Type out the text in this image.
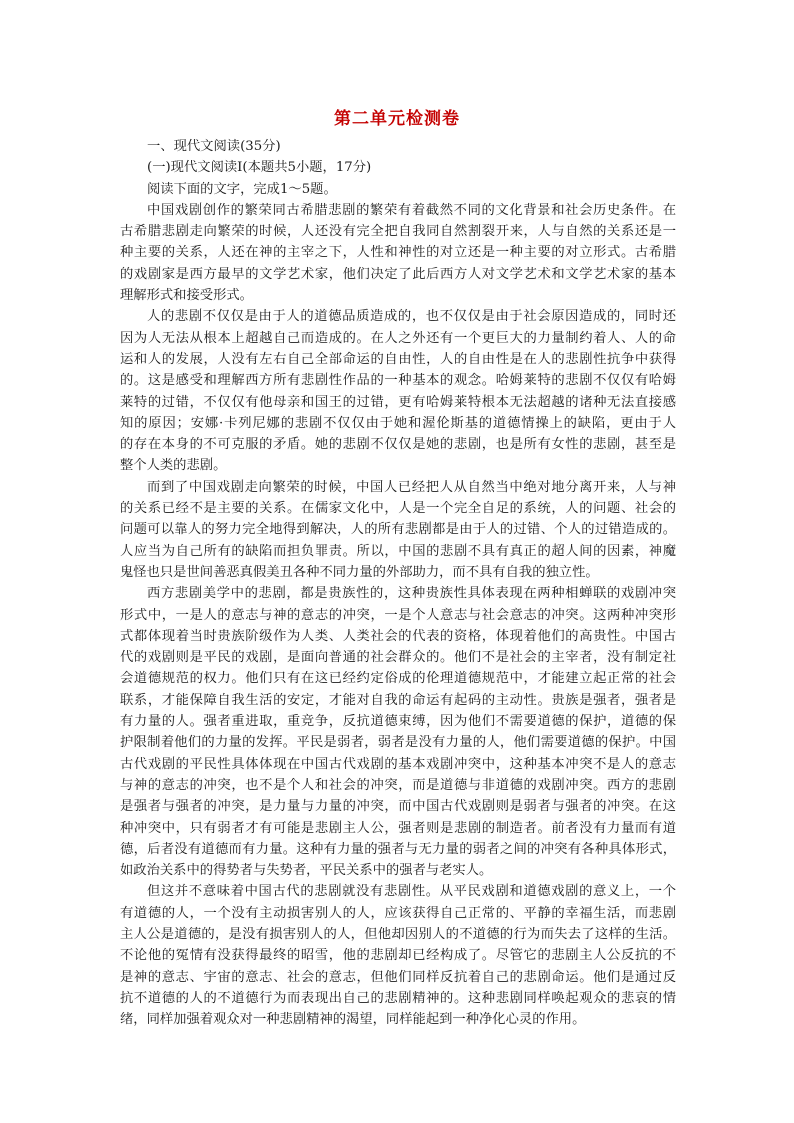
第二单元检测卷
一、现代文阅读(35分)
(一)现代文阅读Ⅰ(本题共5小题，17分)
阅读下面的文字，完成1～5题。
中国戏剧创作的繁荣同古希腊悲剧的繁荣有着截然不同的文化背景和社会历史条件。在
古希腊悲剧走向繁荣的时候，人还没有完全把自我同自然割裂开来，人与自然的关系还是一
种主要的关系，人还在神的主宰之下，人性和神性的对立还是一种主要的对立形式。古希腊
的戏剧家是西方最早的文学艺术家，他们决定了此后西方人对文学艺术和文学艺术家的基本
理解形式和接受形式。
人的悲剧不仅仅是由于人的道德品质造成的，也不仅仅是由于社会原因造成的，同时还
因为人无法从根本上超越自己而造成的。在人之外还有一个更巨大的力量制约着人、人的命
运和人的发展，人没有左右自己全部命运的自由性，人的自由性是在人的悲剧性抗争中获得
的。这是感受和理解西方所有悲剧性作品的一种基本的观念。哈姆莱特的悲剧不仅仅有哈姆
莱特的过错，不仅仅有他母亲和国王的过错，更有哈姆莱特根本无法超越的诸种无法直接感
知的原因；安娜·卡列尼娜的悲剧不仅仅由于她和渥伦斯基的道德情操上的缺陷，更由于人
的存在本身的不可克服的矛盾。她的悲剧不仅仅是她的悲剧，也是所有女性的悲剧，甚至是
整个人类的悲剧。
而到了中国戏剧走向繁荣的时候，中国人已经把人从自然当中绝对地分离开来，人与神
的关系已经不是主要的关系。在儒家文化中，人是一个完全自足的系统，人的问题、社会的
问题可以靠人的努力完全地得到解决，人的所有悲剧都是由于人的过错、个人的过错造成的。
人应当为自己所有的缺陷而担负罪责。所以，中国的悲剧不具有真正的超人间的因素，神魔
鬼怪也只是世间善恶真假美丑各种不同力量的外部助力，而不具有自我的独立性。
西方悲剧美学中的悲剧，都是贵族性的，这种贵族性具体表现在两种相蝉联的戏剧冲突
形式中，一是人的意志与神的意志的冲突，一是个人意志与社会意志的冲突。这两种冲突形
式都体现着当时贵族阶级作为人类、人类社会的代表的资格，体现着他们的高贵性。中国古
代的戏剧则是平民的戏剧，是面向普通的社会群众的。他们不是社会的主宰者，没有制定社
会道德规范的权力。他们只有在这已经约定俗成的伦理道德规范中，才能建立起正常的社会
联系，才能保障自我生活的安定，才能对自我的命运有起码的主动性。贵族是强者，强者是
有力量的人。强者重进取，重竞争，反抗道德束缚，因为他们不需要道德的保护，道德的保
护限制着他们的力量的发挥。平民是弱者，弱者是没有力量的人，他们需要道德的保护。中国
古代戏剧的平民性具体体现在中国古代戏剧的基本戏剧冲突中，这种基本冲突不是人的意志
与神的意志的冲突，也不是个人和社会的冲突，而是道德与非道德的戏剧冲突。西方的悲剧
是强者与强者的冲突，是力量与力量的冲突，而中国古代戏剧则是弱者与强者的冲突。在这
种冲突中，只有弱者才有可能是悲剧主人公，强者则是悲剧的制造者。前者没有力量而有道
德，后者没有道德而有力量。这种有力量的强者与无力量的弱者之间的冲突有各种具体形式，
如政治关系中的得势者与失势者，平民关系中的强者与老实人。
但这并不意味着中国古代的悲剧就没有悲剧性。从平民戏剧和道德戏剧的意义上，一个
有道德的人，一个没有主动损害别人的人，应该获得自己正常的、平静的幸福生活，而悲剧
主人公是道德的，是没有损害别人的人，但他却因别人的不道德的行为而失去了这样的生活。
不论他的冤情有没获得最终的昭雪，他的悲剧却已经构成了。尽管它的悲剧主人公反抗的不
是神的意志、宇宙的意志、社会的意志，但他们同样反抗着自己的悲剧命运。他们是通过反
抗不道德的人的不道德行为而表现出自己的悲剧精神的。这种悲剧同样唤起观众的悲哀的情
绪，同样加强着观众对一种悲剧精神的渴望，同样能起到一种净化心灵的作用。
